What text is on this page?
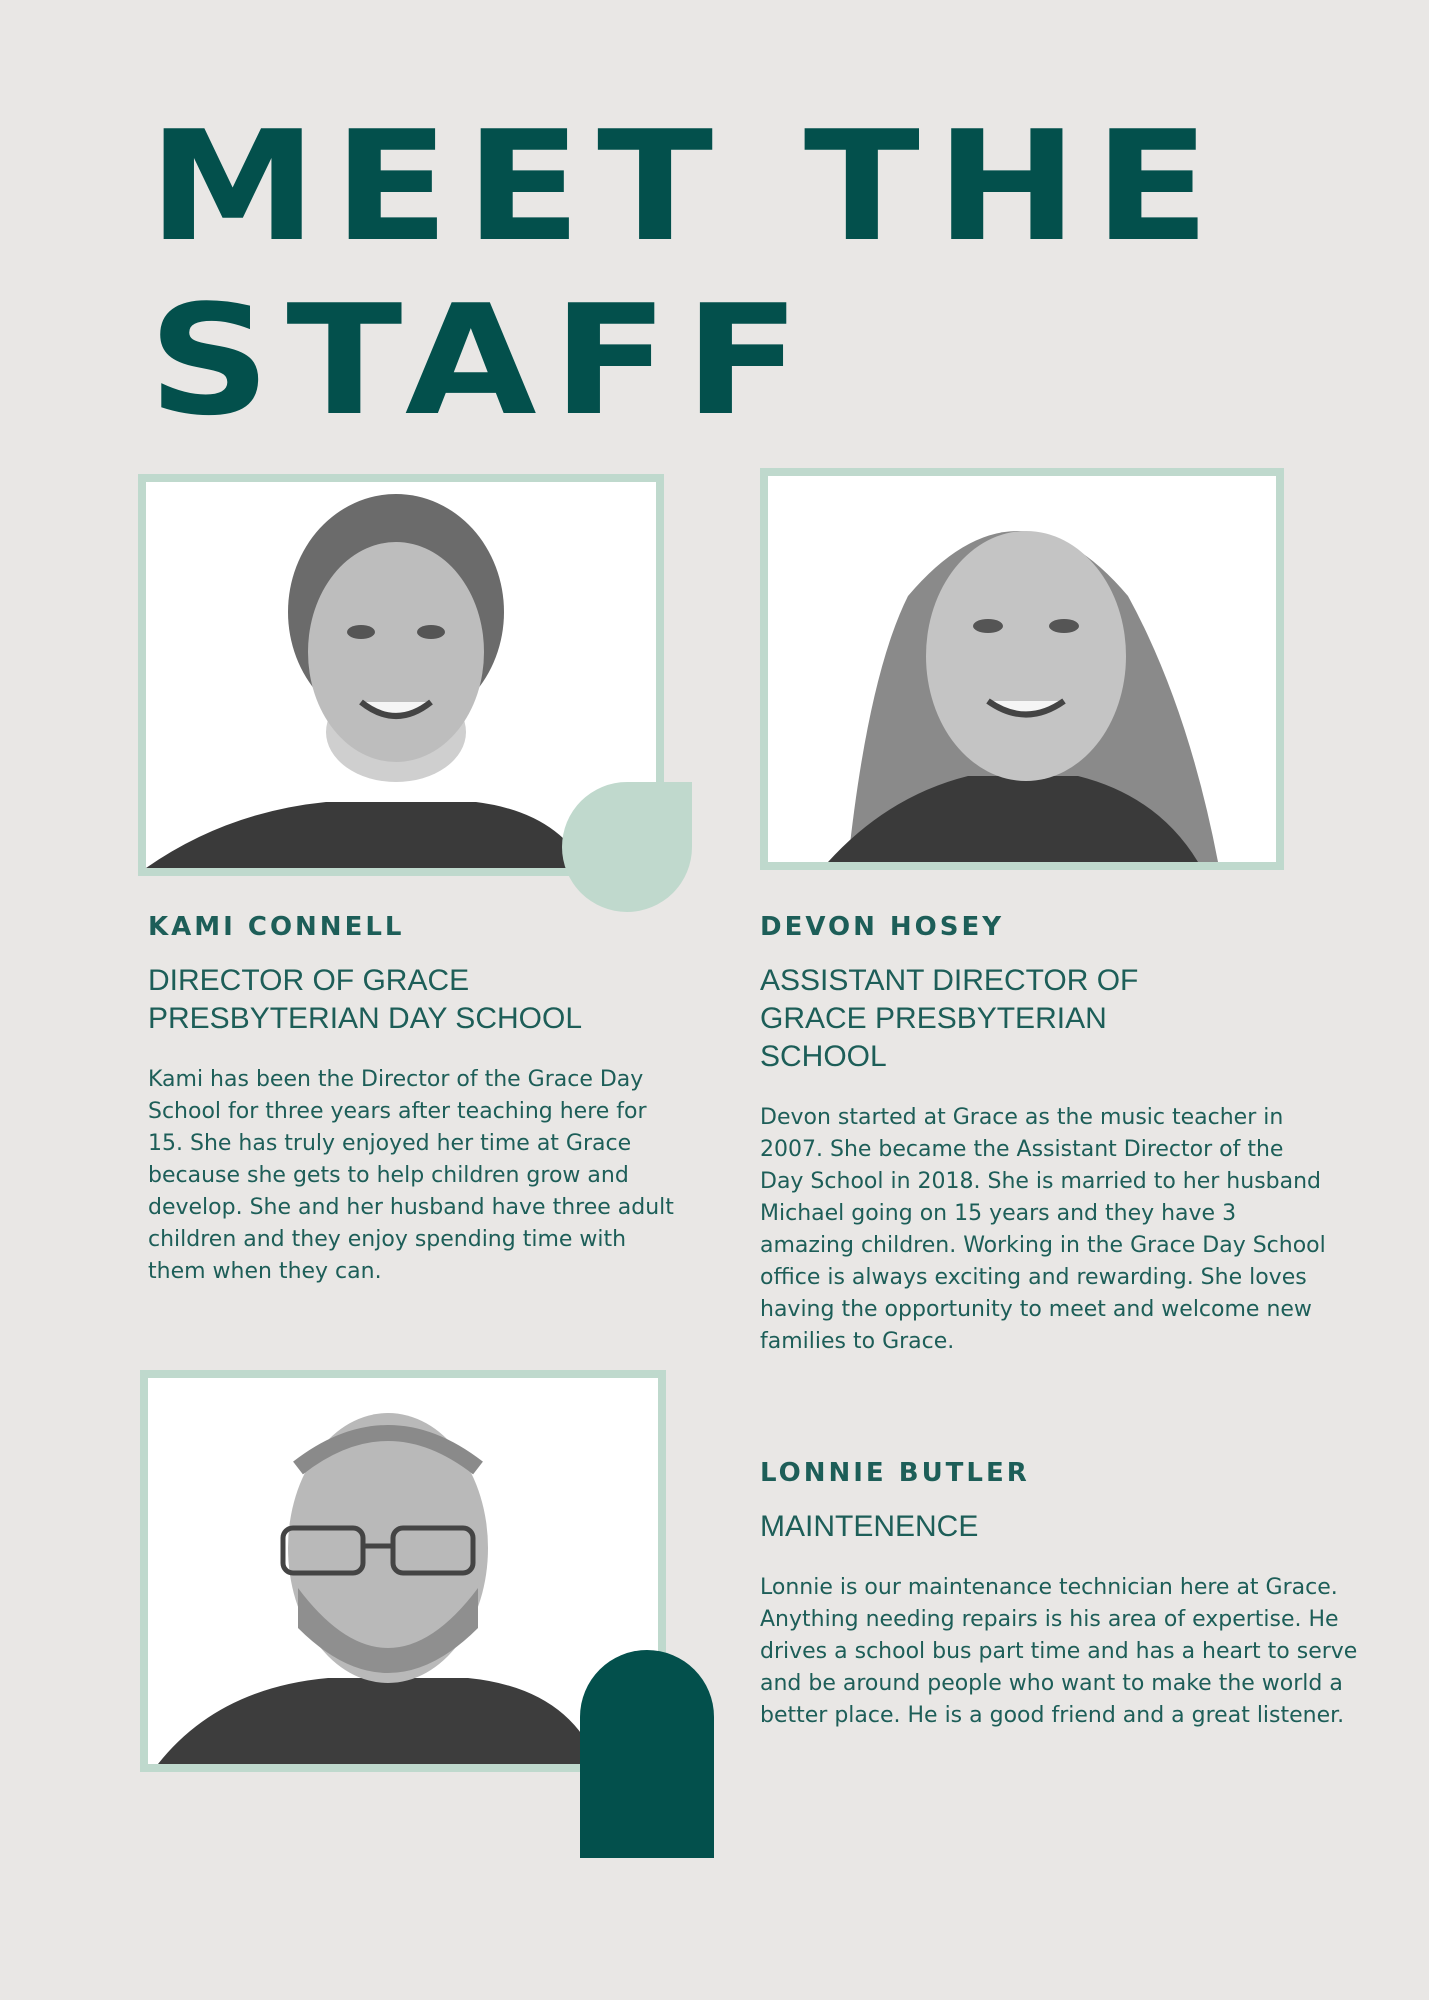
MEET THE
STAFF
KAMI CONNELL
DIRECTOR OF GRACE
PRESBYTERIAN DAY SCHOOL

Kami has been the Director of the Grace Day School for three years after teaching here for 15. She has truly enjoyed her time at Grace because she gets to help children grow and develop. She and her husband have three adult children and they enjoy spending time with them when they can.

DEVON HOSEY
ASSISTANT DIRECTOR OF
GRACE PRESBYTERIAN
SCHOOL

Devon started at Grace as the music teacher in 2007. She became the Assistant Director of the Day School in 2018. She is married to her husband Michael going on 15 years and they have 3 amazing children. Working in the Grace Day School office is always exciting and rewarding. She loves having the opportunity to meet and welcome new families to Grace.

LONNIE BUTLER
MAINTENENCE

Lonnie is our maintenance technician here at Grace. Anything needing repairs is his area of expertise. He drives a school bus part time and has a heart to serve and be around people who want to make the world a better place. He is a good friend and a great listener.
